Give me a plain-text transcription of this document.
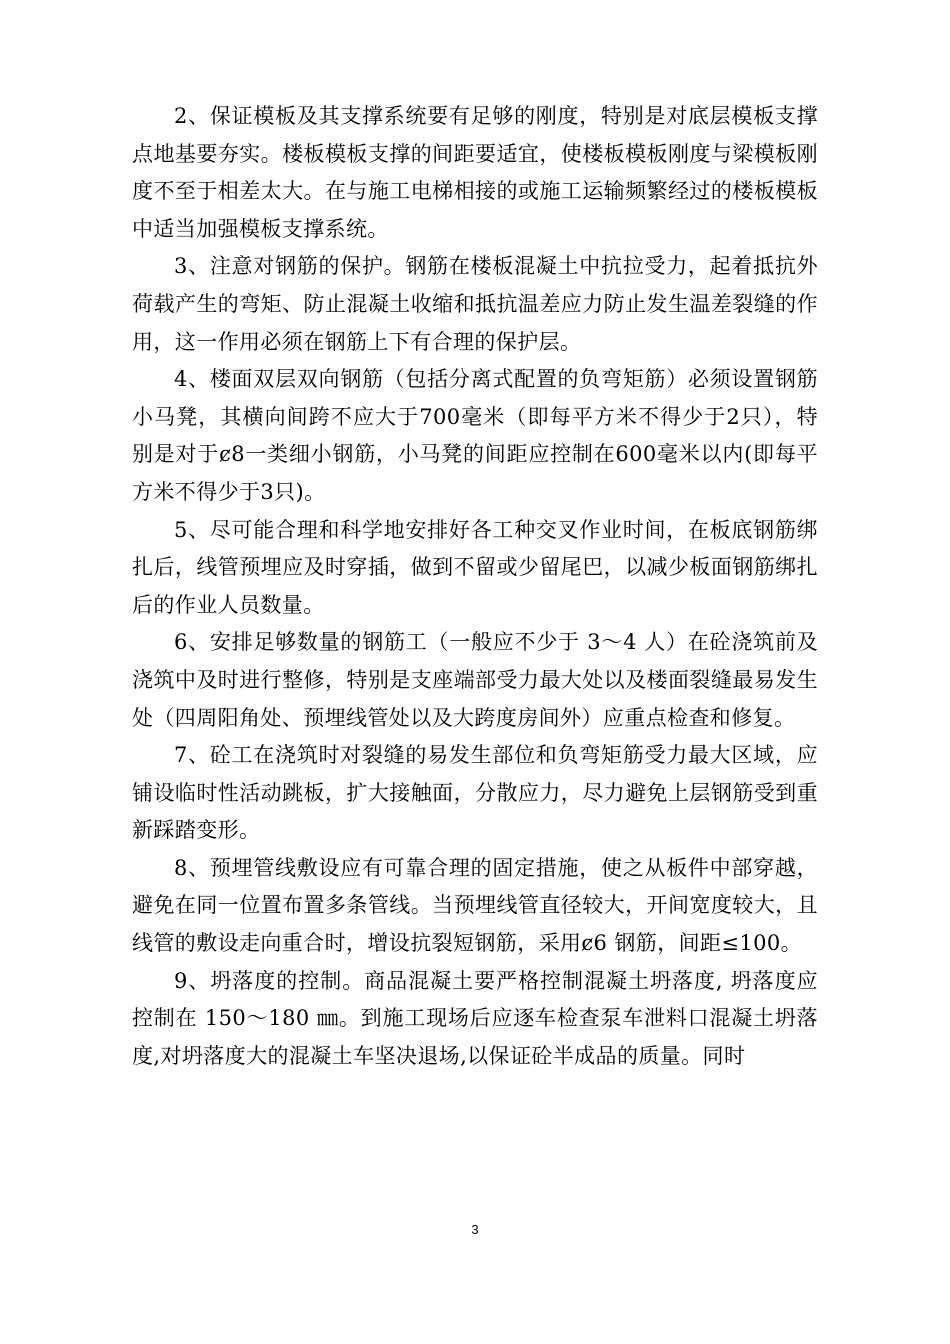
2、保证模板及其支撑系统要有足够的刚度，特别是对底层模板支撑点地基要夯实。楼板模板支撑的间距要适宜，使楼板模板刚度与梁模板刚度不至于相差太大。在与施工电梯相接的或施工运输频繁经过的楼板模板中适当加强模板支撑系统。

3、注意对钢筋的保护。钢筋在楼板混凝土中抗拉受力，起着抵抗外荷载产生的弯矩、防止混凝土收缩和抵抗温差应力防止发生温差裂缝的作用，这一作用必须在钢筋上下有合理的保护层。

4、楼面双层双向钢筋（包括分离式配置的负弯矩筋）必须设置钢筋小马凳，其横向间跨不应大于700毫米（即每平方米不得少于2只），特别是对于ȼ8一类细小钢筋，小马凳的间距应控制在600毫米以内(即每平方米不得少于3只)。

5、尽可能合理和科学地安排好各工种交叉作业时间，在板底钢筋绑扎后，线管预埋应及时穿插，做到不留或少留尾巴，以减少板面钢筋绑扎后的作业人员数量。

6、安排足够数量的钢筋工（一般应不少于 3～4 人）在砼浇筑前及浇筑中及时进行整修，特别是支座端部受力最大处以及楼面裂缝最易发生处（四周阳角处、预埋线管处以及大跨度房间外）应重点检查和修复。

7、砼工在浇筑时对裂缝的易发生部位和负弯矩筋受力最大区域，应铺设临时性活动跳板，扩大接触面，分散应力，尽力避免上层钢筋受到重新踩踏变形。

8、预埋管线敷设应有可靠合理的固定措施，使之从板件中部穿越，避免在同一位置布置多条管线。当预埋线管直径较大，开间宽度较大，且线管的敷设走向重合时，增设抗裂短钢筋，采用ȼ6 钢筋，间距≤100。

9、坍落度的控制。商品混凝土要严格控制混凝土坍落度, 坍落度应控制在 150～180 ㎜。到施工现场后应逐车检查泵车泄料口混凝土坍落度,对坍落度大的混凝土车坚决退场,以保证砼半成品的质量。同时

3
